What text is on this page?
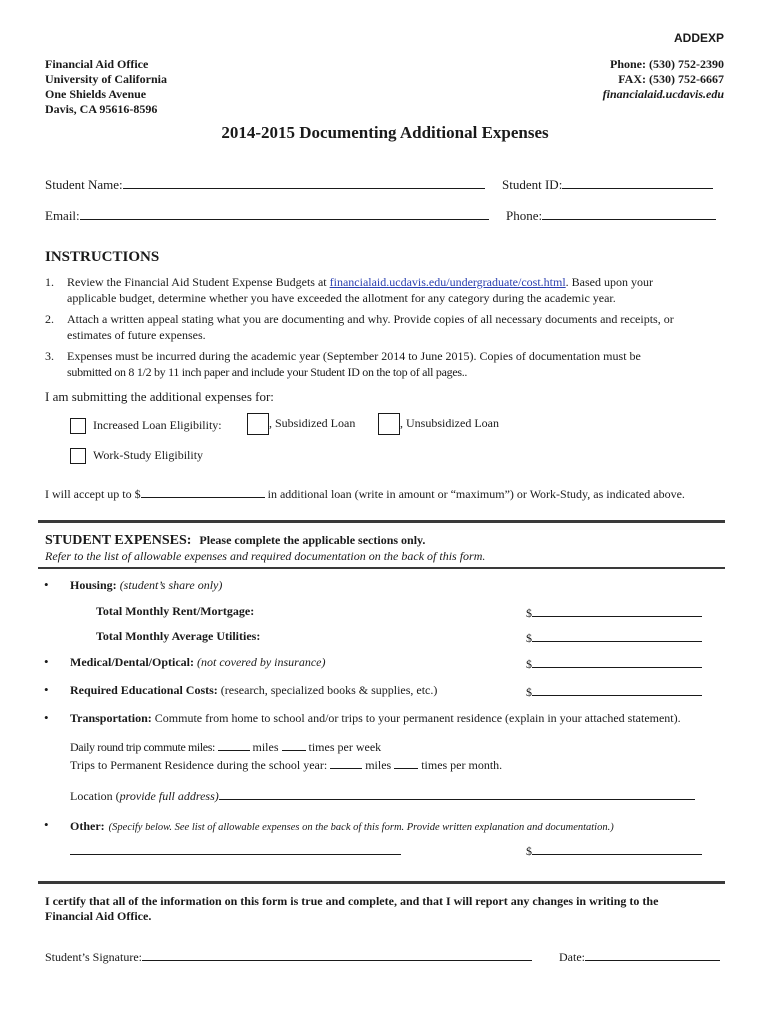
ADDEXP
Financial Aid Office
University of California
One Shields Avenue
Davis, CA 95616-8596
Phone: (530) 752-2390
FAX: (530) 752-6667
financialaid.ucdavis.edu
2014-2015 Documenting Additional Expenses
Student Name:	Student ID:
Email:	Phone:
INSTRUCTIONS
1. Review the Financial Aid Student Expense Budgets at financialaid.ucdavis.edu/undergraduate/cost.html. Based upon your
applicable budget, determine whether you have exceeded the allotment for any category during the academic year.
2. Attach a written appeal stating what you are documenting and why. Provide copies of all necessary documents and receipts, or
estimates of future expenses.
3. Expenses must be incurred during the academic year (September 2014 to June 2015). Copies of documentation must be
submitted on 8 1/2 by 11 inch paper and include your Student ID on the top of all pages..
I am submitting the additional expenses for:
Increased Loan Eligibility:	, Subsidized Loan	, Unsubsidized Loan
Work-Study Eligibility
I will accept up to $	in additional loan (write in amount or “maximum”) or Work-Study, as indicated above.
STUDENT EXPENSES: Please complete the applicable sections only.
Refer to the list of allowable expenses and required documentation on the back of this form.
• Housing: (student’s share only)
Total Monthly Rent/Mortgage:	$
Total Monthly Average Utilities:	$
• Medical/Dental/Optical: (not covered by insurance)	$
• Required Educational Costs: (research, specialized books & supplies, etc.)	$
• Transportation: Commute from home to school and/or trips to your permanent residence (explain in your attached statement).
Daily round trip commute miles:	miles  times per week
Trips to Permanent Residence during the school year:	miles  times per month.
Location (provide full address)
• Other: (Specify below. See list of allowable expenses on the back of this form. Provide written explanation and documentation.)
$
I certify that all of the information on this form is true and complete, and that I will report any changes in writing to the
Financial Aid Office.
Student’s Signature:	Date:
